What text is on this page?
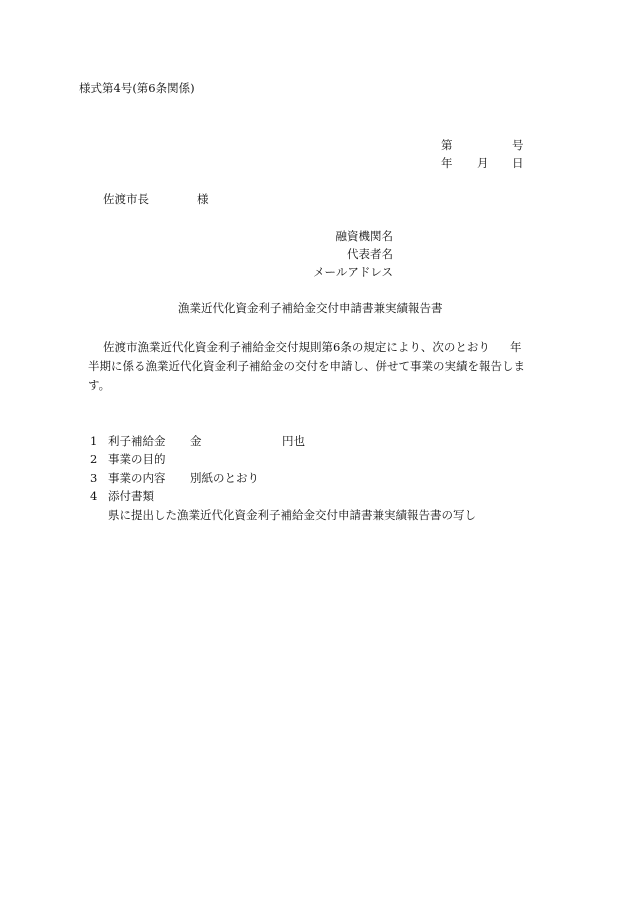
様式第4号(第6条関係)
第	号
年 月 日
佐渡市長	様
融資機関名
代表者名
メールアドレス
漁業近代化資金利子補給金交付申請書兼実績報告書
佐渡市漁業近代化資金利子補給金交付規則第6条の規定により、次のとおり 年
半期に係る漁業近代化資金利子補給金の交付を申請し、併せて事業の実績を報告しま
す。
1 利子補給金 金	円也
2 事業の目的
3 事業の内容 別紙のとおり
4 添付書類
県に提出した漁業近代化資金利子補給金交付申請書兼実績報告書の写し
